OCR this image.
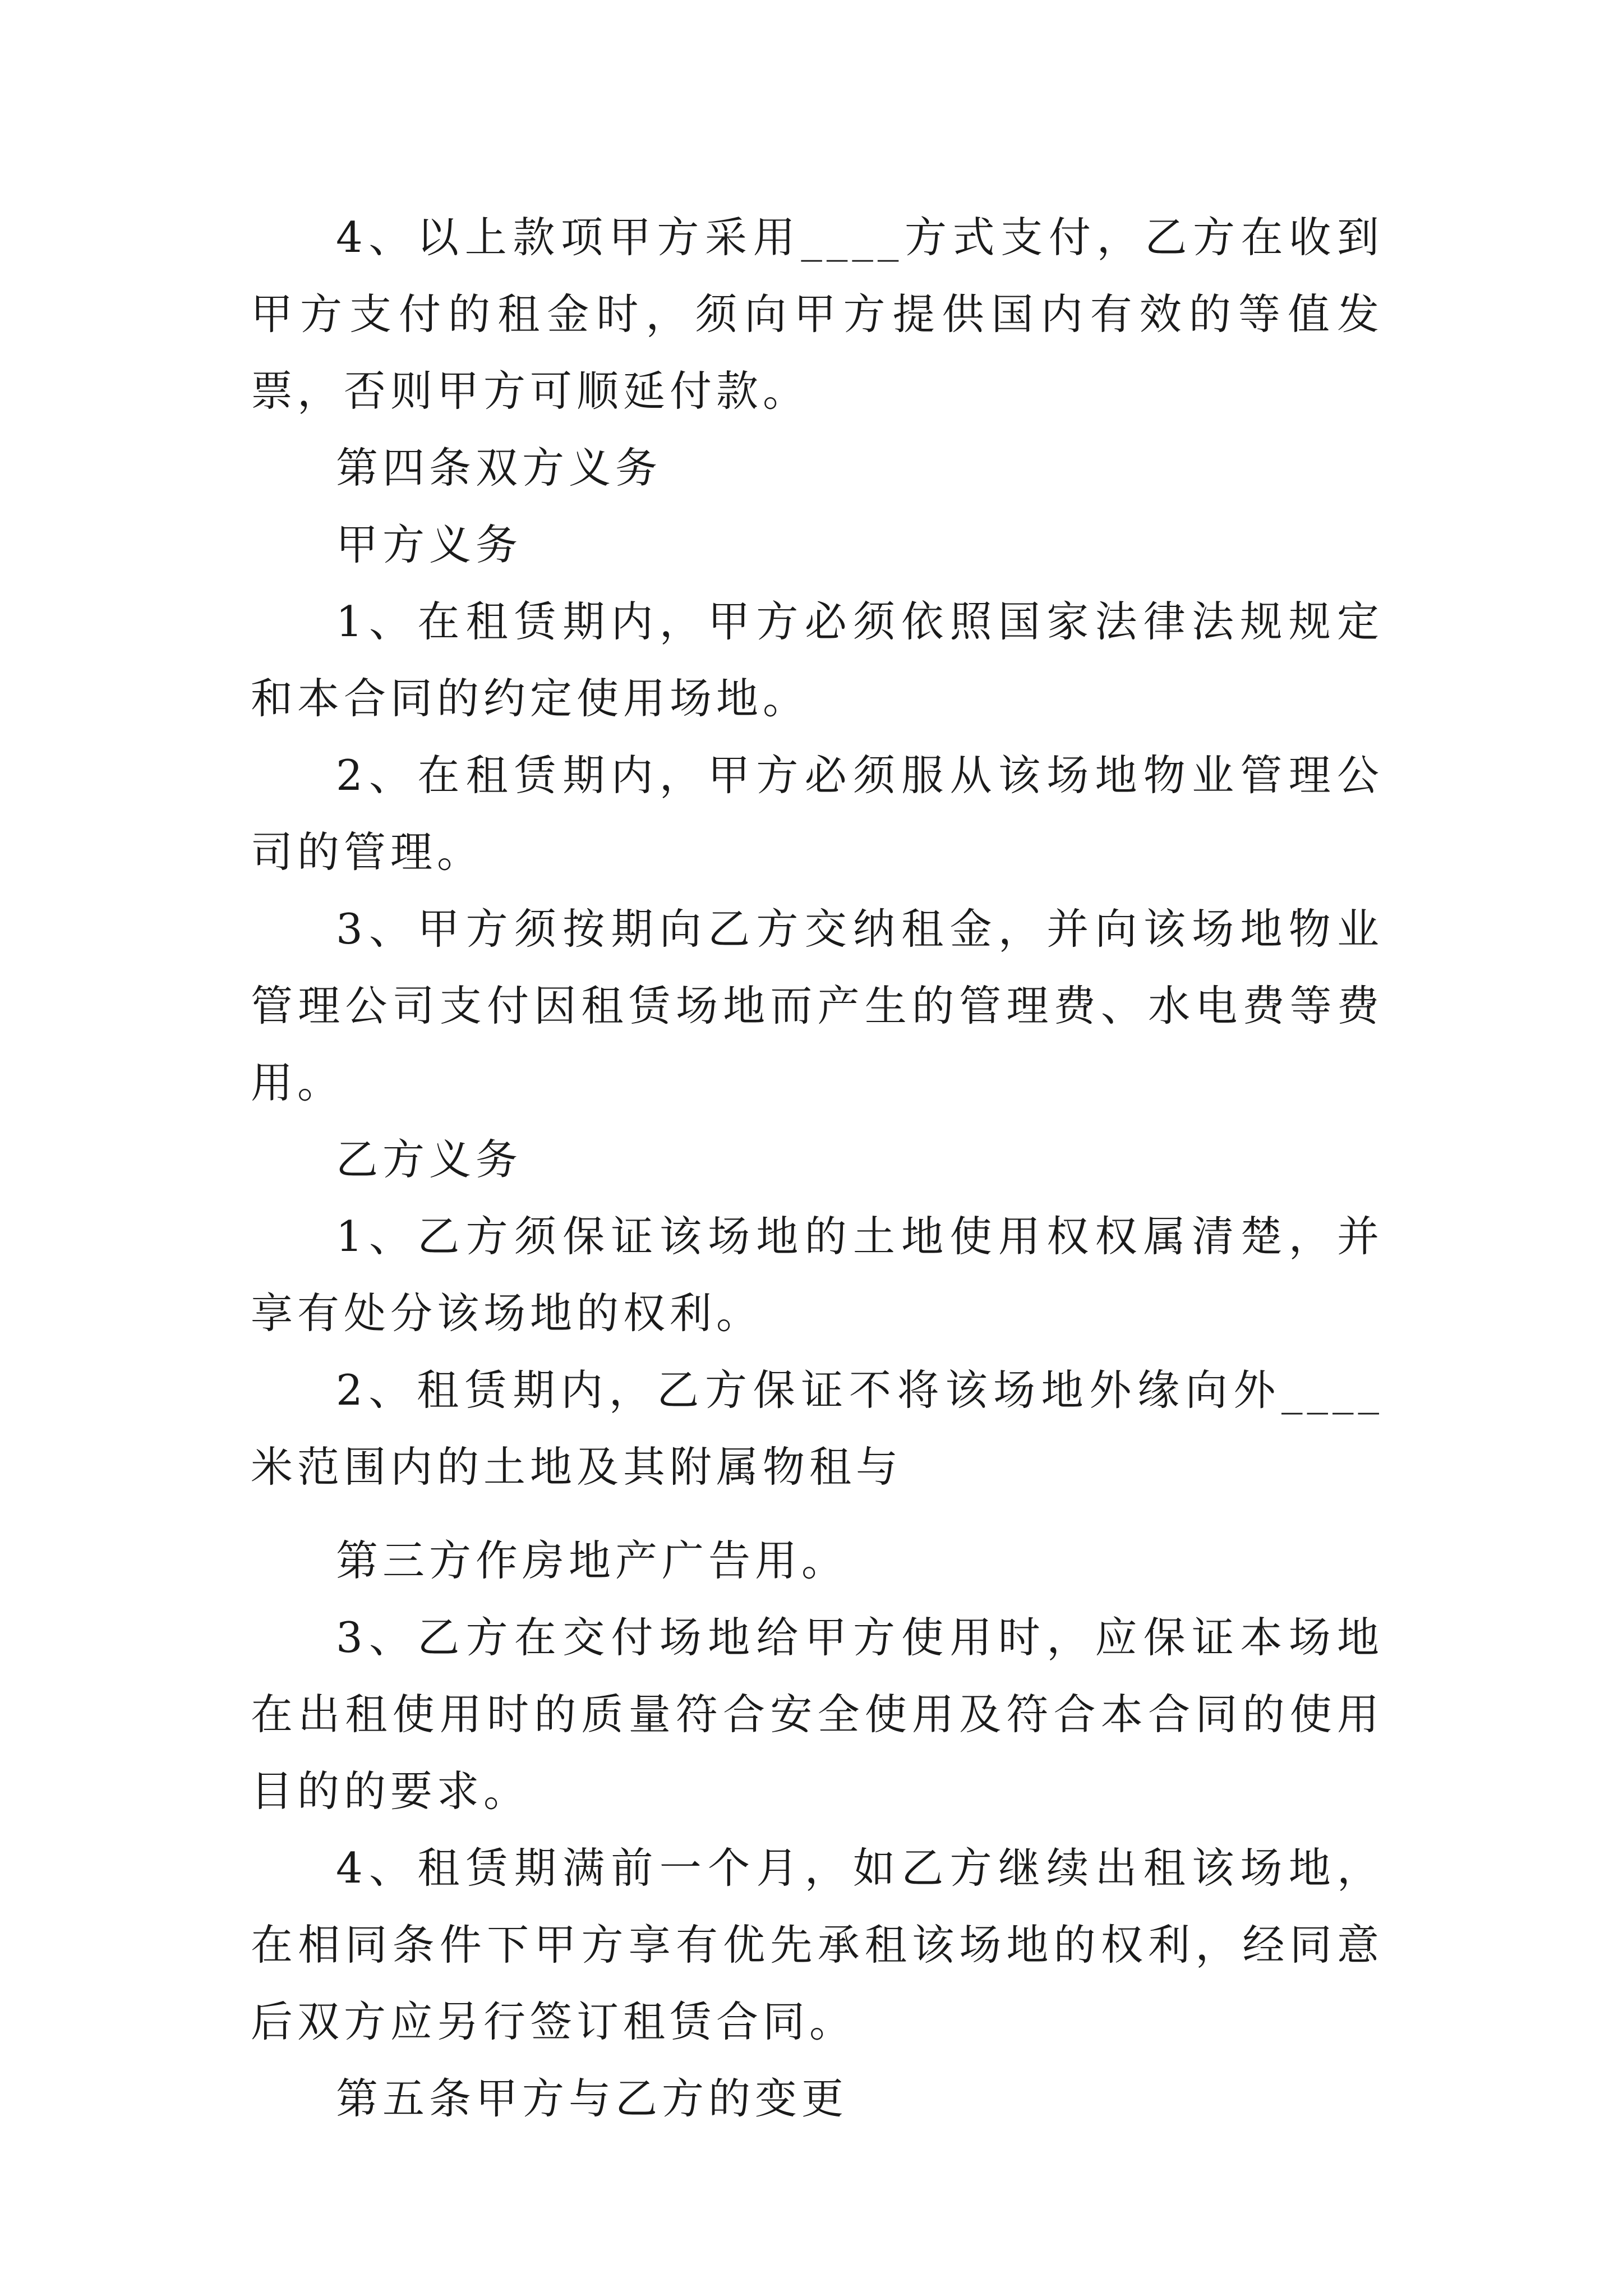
4、以上款项甲方采用____方式支付，乙方在收到甲方支付的租金时，须向甲方提供国内有效的等值发票，否则甲方可顺延付款。

第四条双方义务

甲方义务

1、在租赁期内，甲方必须依照国家法律法规规定和本合同的约定使用场地。

2、在租赁期内，甲方必须服从该场地物业管理公司的管理。

3、甲方须按期向乙方交纳租金，并向该场地物业管理公司支付因租赁场地而产生的管理费、水电费等费用。

乙方义务

1、乙方须保证该场地的土地使用权权属清楚，并享有处分该场地的权利。

2、租赁期内，乙方保证不将该场地外缘向外____米范围内的土地及其附属物租与

第三方作房地产广告用。

3、乙方在交付场地给甲方使用时，应保证本场地在出租使用时的质量符合安全使用及符合本合同的使用目的的要求。

4、租赁期满前一个月，如乙方继续出租该场地，在相同条件下甲方享有优先承租该场地的权利，经同意后双方应另行签订租赁合同。

第五条甲方与乙方的变更
